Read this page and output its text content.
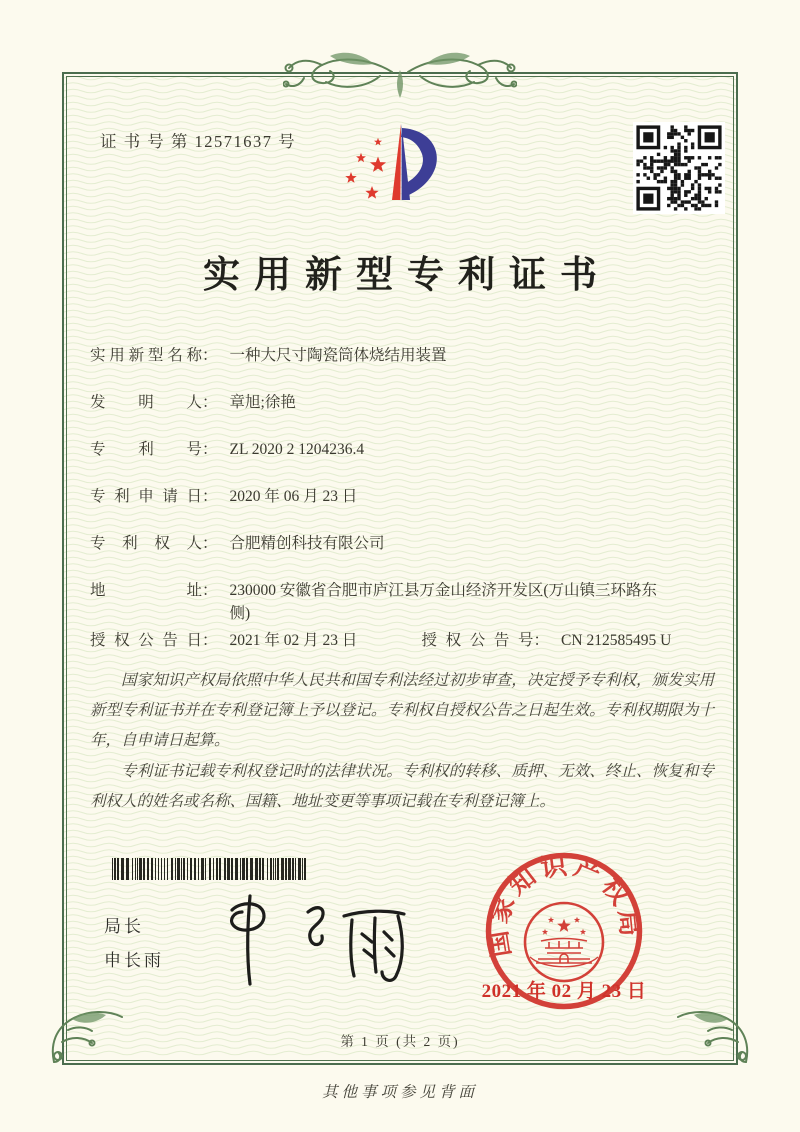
证 书 号 第 12571637 号
实用新型专利证书
实 用 新 型 名 称 ： 一种大尺寸陶瓷筒体烧结用装置
发 明 人 ： 章旭;徐艳
专 利 号 ： ZL 2020 2 1204236.4
专 利 申 请 日 ： 2020 年 06 月 23 日
专 利 权 人 ： 合肥精创科技有限公司
地	址 ： 230000 安徽省合肥市庐江县万金山经济开发区(万山镇三环路东侧)
授 权 公 告 日 ： 2021 年 02 月 23 日	授 权 公 告 号 ： CN 212585495 U

国家知识产权局依照中华人民共和国专利法经过初步审查，决定授予专利权，颁发实用新型专利证书并在专利登记簿上予以登记。专利权自授权公告之日起生效。专利权期限为十年，自申请日起算。

专利证书记载专利权登记时的法律状况。专利权的转移、质押、无效、终止、恢复和专利权人的姓名或名称、国籍、地址变更等事项记载在专利登记簿上。

局长
申长雨
国家知识产权局
2021 年 02 月 23 日
第 1 页 (共 2 页)
其他事项参见背面
